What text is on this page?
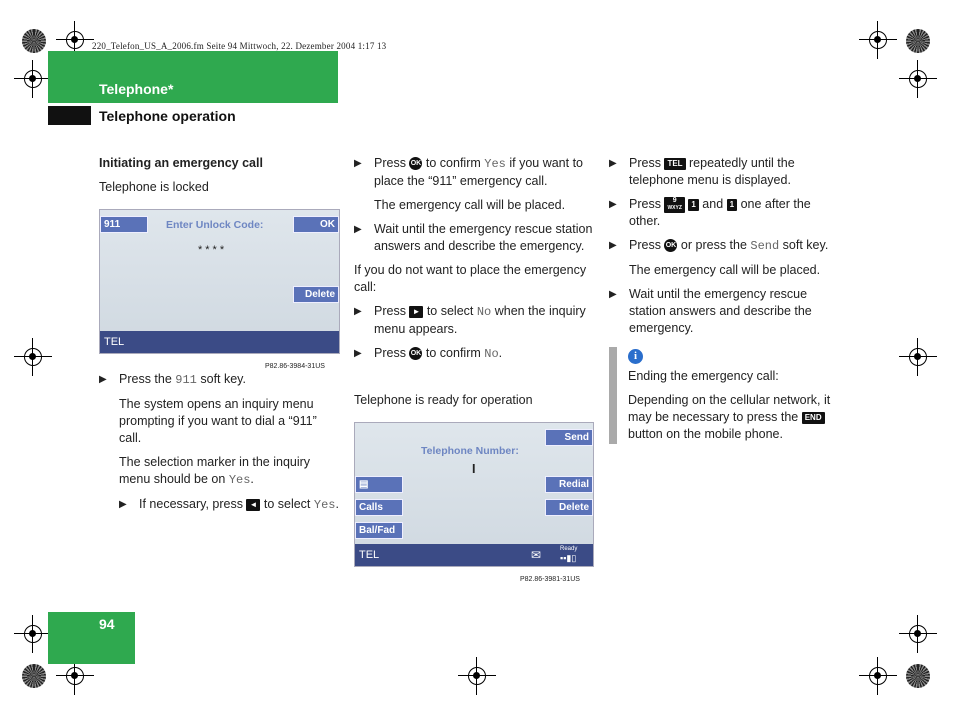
220_Telefon_US_A_2006.fm Seite 94 Mittwoch, 22. Dezember 2004 1:17 13
Telephone*
Telephone operation
94

Initiating an emergency call

Telephone is locked

911	Enter Unlock Code:	OK
****
Delete
TEL
P82.86-3984-31US
▶ Press the 911 soft key.

The system opens an inquiry menu prompting if you want to dial a “911” call.

The selection marker in the inquiry menu should be on Yes.

▶ If necessary, press ◄ to select Yes.
▶ Press OK to confirm Yes if you want to place the “911” emergency call.

The emergency call will be placed.

▶ Wait until the emergency rescue station answers and describe the emergency.

If you do not want to place the emergency call:

▶ Press ► to select No when the inquiry menu appears.
▶ Press OK to confirm No.
Telephone is ready for operation
Send
Telephone Number:
I
▤	Redial
Calls	Delete
Bal/Fad
TEL	✉	Ready
▪▪▮▯
P82.86-3981-31US
▶ Press TEL repeatedly until the telephone menu is displayed.
▶ Press 9
WXYZ 1 and 1 one after the other.
▶ Press OK or press the Send soft key.

The emergency call will be placed.

▶ Wait until the emergency rescue station answers and describe the emergency.
i

Ending the emergency call:

Depending on the cellular network, it may be necessary to press the END button on the mobile phone.
